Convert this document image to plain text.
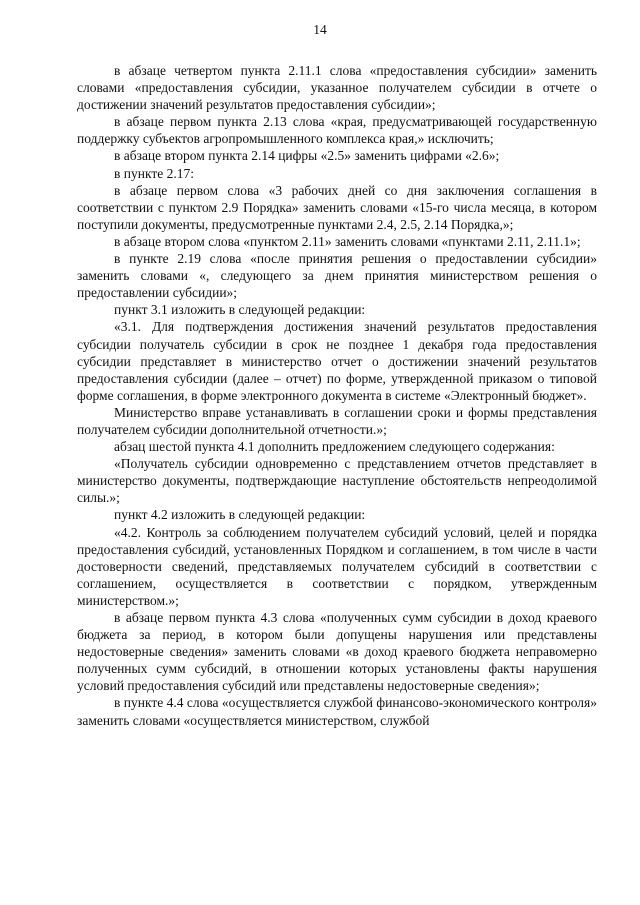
14

в абзаце четвертом пункта 2.11.1 слова «предоставления субсидии» заменить словами «предоставления субсидии, указанное получателем субсидии в отчете о достижении значений результатов предоставления субсидии»;

в абзаце первом пункта 2.13 слова «края, предусматривающей государственную поддержку субъектов агропромышленного комплекса края,» исключить;

в абзаце втором пункта 2.14 цифры «2.5» заменить цифрами «2.6»;

в пункте 2.17:

в абзаце первом слова «3 рабочих дней со дня заключения соглашения в соответствии с пунктом 2.9 Порядка» заменить словами «15-го числа месяца, в котором поступили документы, предусмотренные пунктами 2.4, 2.5, 2.14 Порядка,»;

в абзаце втором слова «пунктом 2.11» заменить словами «пунктами 2.11, 2.11.1»;

в пункте 2.19 слова «после принятия решения о предоставлении субсидии» заменить словами «, следующего за днем принятия министерством решения о предоставлении субсидии»;

пункт 3.1 изложить в следующей редакции:

«3.1. Для подтверждения достижения значений результатов предоставления субсидии получатель субсидии в срок не позднее 1 декабря года предоставления субсидии представляет в министерство отчет о достижении значений результатов предоставления субсидии (далее – отчет) по форме, утвержденной приказом о типовой форме соглашения, в форме электронного документа в системе «Электронный бюджет».

Министерство вправе устанавливать в соглашении сроки и формы представления получателем субсидии дополнительной отчетности.»;

абзац шестой пункта 4.1 дополнить предложением следующего содержания:

«Получатель субсидии одновременно с представлением отчетов представляет в министерство документы, подтверждающие наступление обстоятельств непреодолимой силы.»;

пункт 4.2 изложить в следующей редакции:

«4.2. Контроль за соблюдением получателем субсидий условий, целей и порядка предоставления субсидий, установленных Порядком и соглашением, в том числе в части достоверности сведений, представляемых получателем субсидий в соответствии с соглашением, осуществляется в соответствии с порядком, утвержденным министерством.»;

в абзаце первом пункта 4.3 слова «полученных сумм субсидии в доход краевого бюджета за период, в котором были допущены нарушения или представлены недостоверные сведения» заменить словами «в доход краевого бюджета неправомерно полученных сумм субсидий, в отношении которых установлены факты нарушения условий предоставления субсидий или представлены недостоверные сведения»;

в пункте 4.4 слова «осуществляется службой финансово-экономического контроля» заменить словами «осуществляется министерством, службой
